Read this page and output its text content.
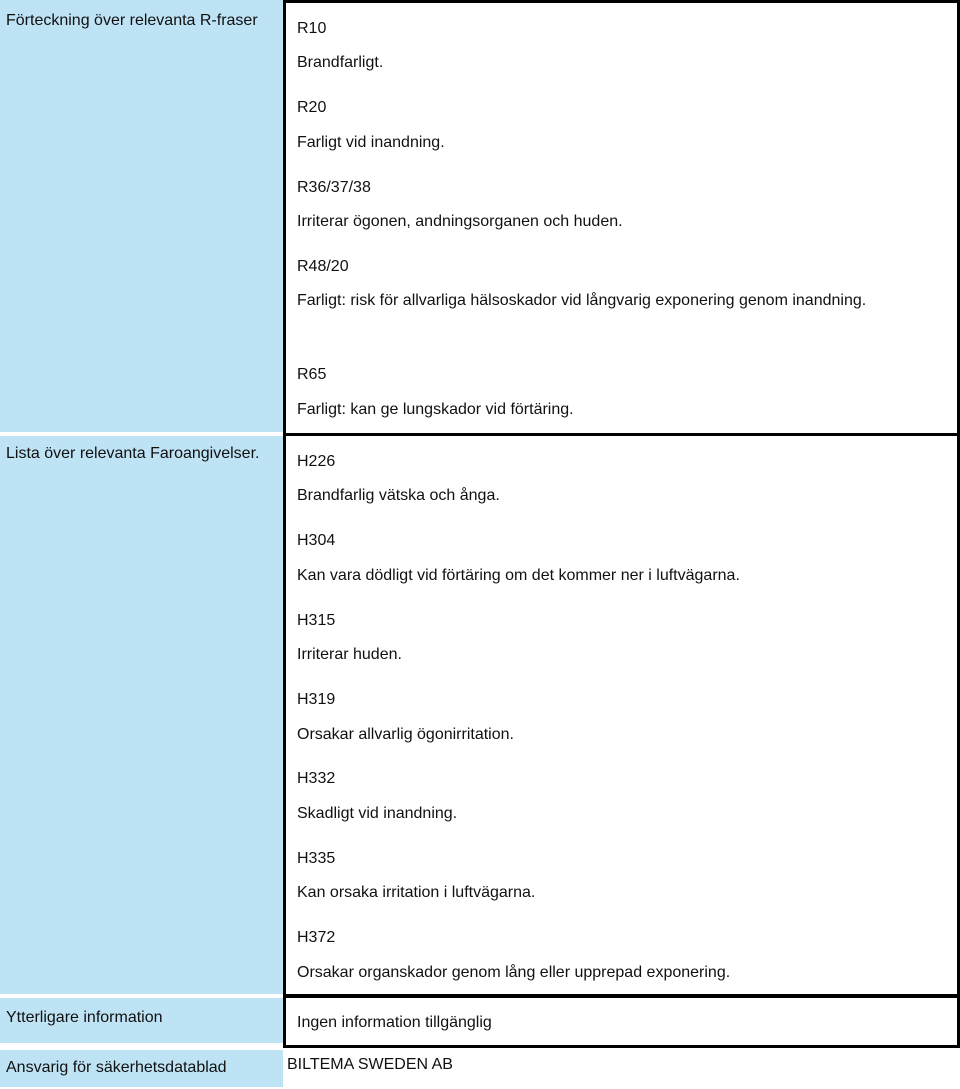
Förteckning över relevanta R-fraser R10
Brandfarligt.
R20
Farligt vid inandning.
R36/37/38
Irriterar ögonen, andningsorganen och huden.
R48/20
Farligt: risk för allvarliga hälsoskador vid långvarig exponering genom inandning.
R65
Farligt: kan ge lungskador vid förtäring.
Lista över relevanta Faroangivelser. H226
Brandfarlig vätska och ånga.
H304
Kan vara dödligt vid förtäring om det kommer ner i luftvägarna.
H315
Irriterar huden.
H319
Orsakar allvarlig ögonirritation.
H332
Skadligt vid inandning.
H335
Kan orsaka irritation i luftvägarna.
H372
Orsakar organskador genom lång eller upprepad exponering.
Ytterligare information	Ingen information tillgänglig
Ansvarig för säkerhetsdatablad	BILTEMA SWEDEN AB
